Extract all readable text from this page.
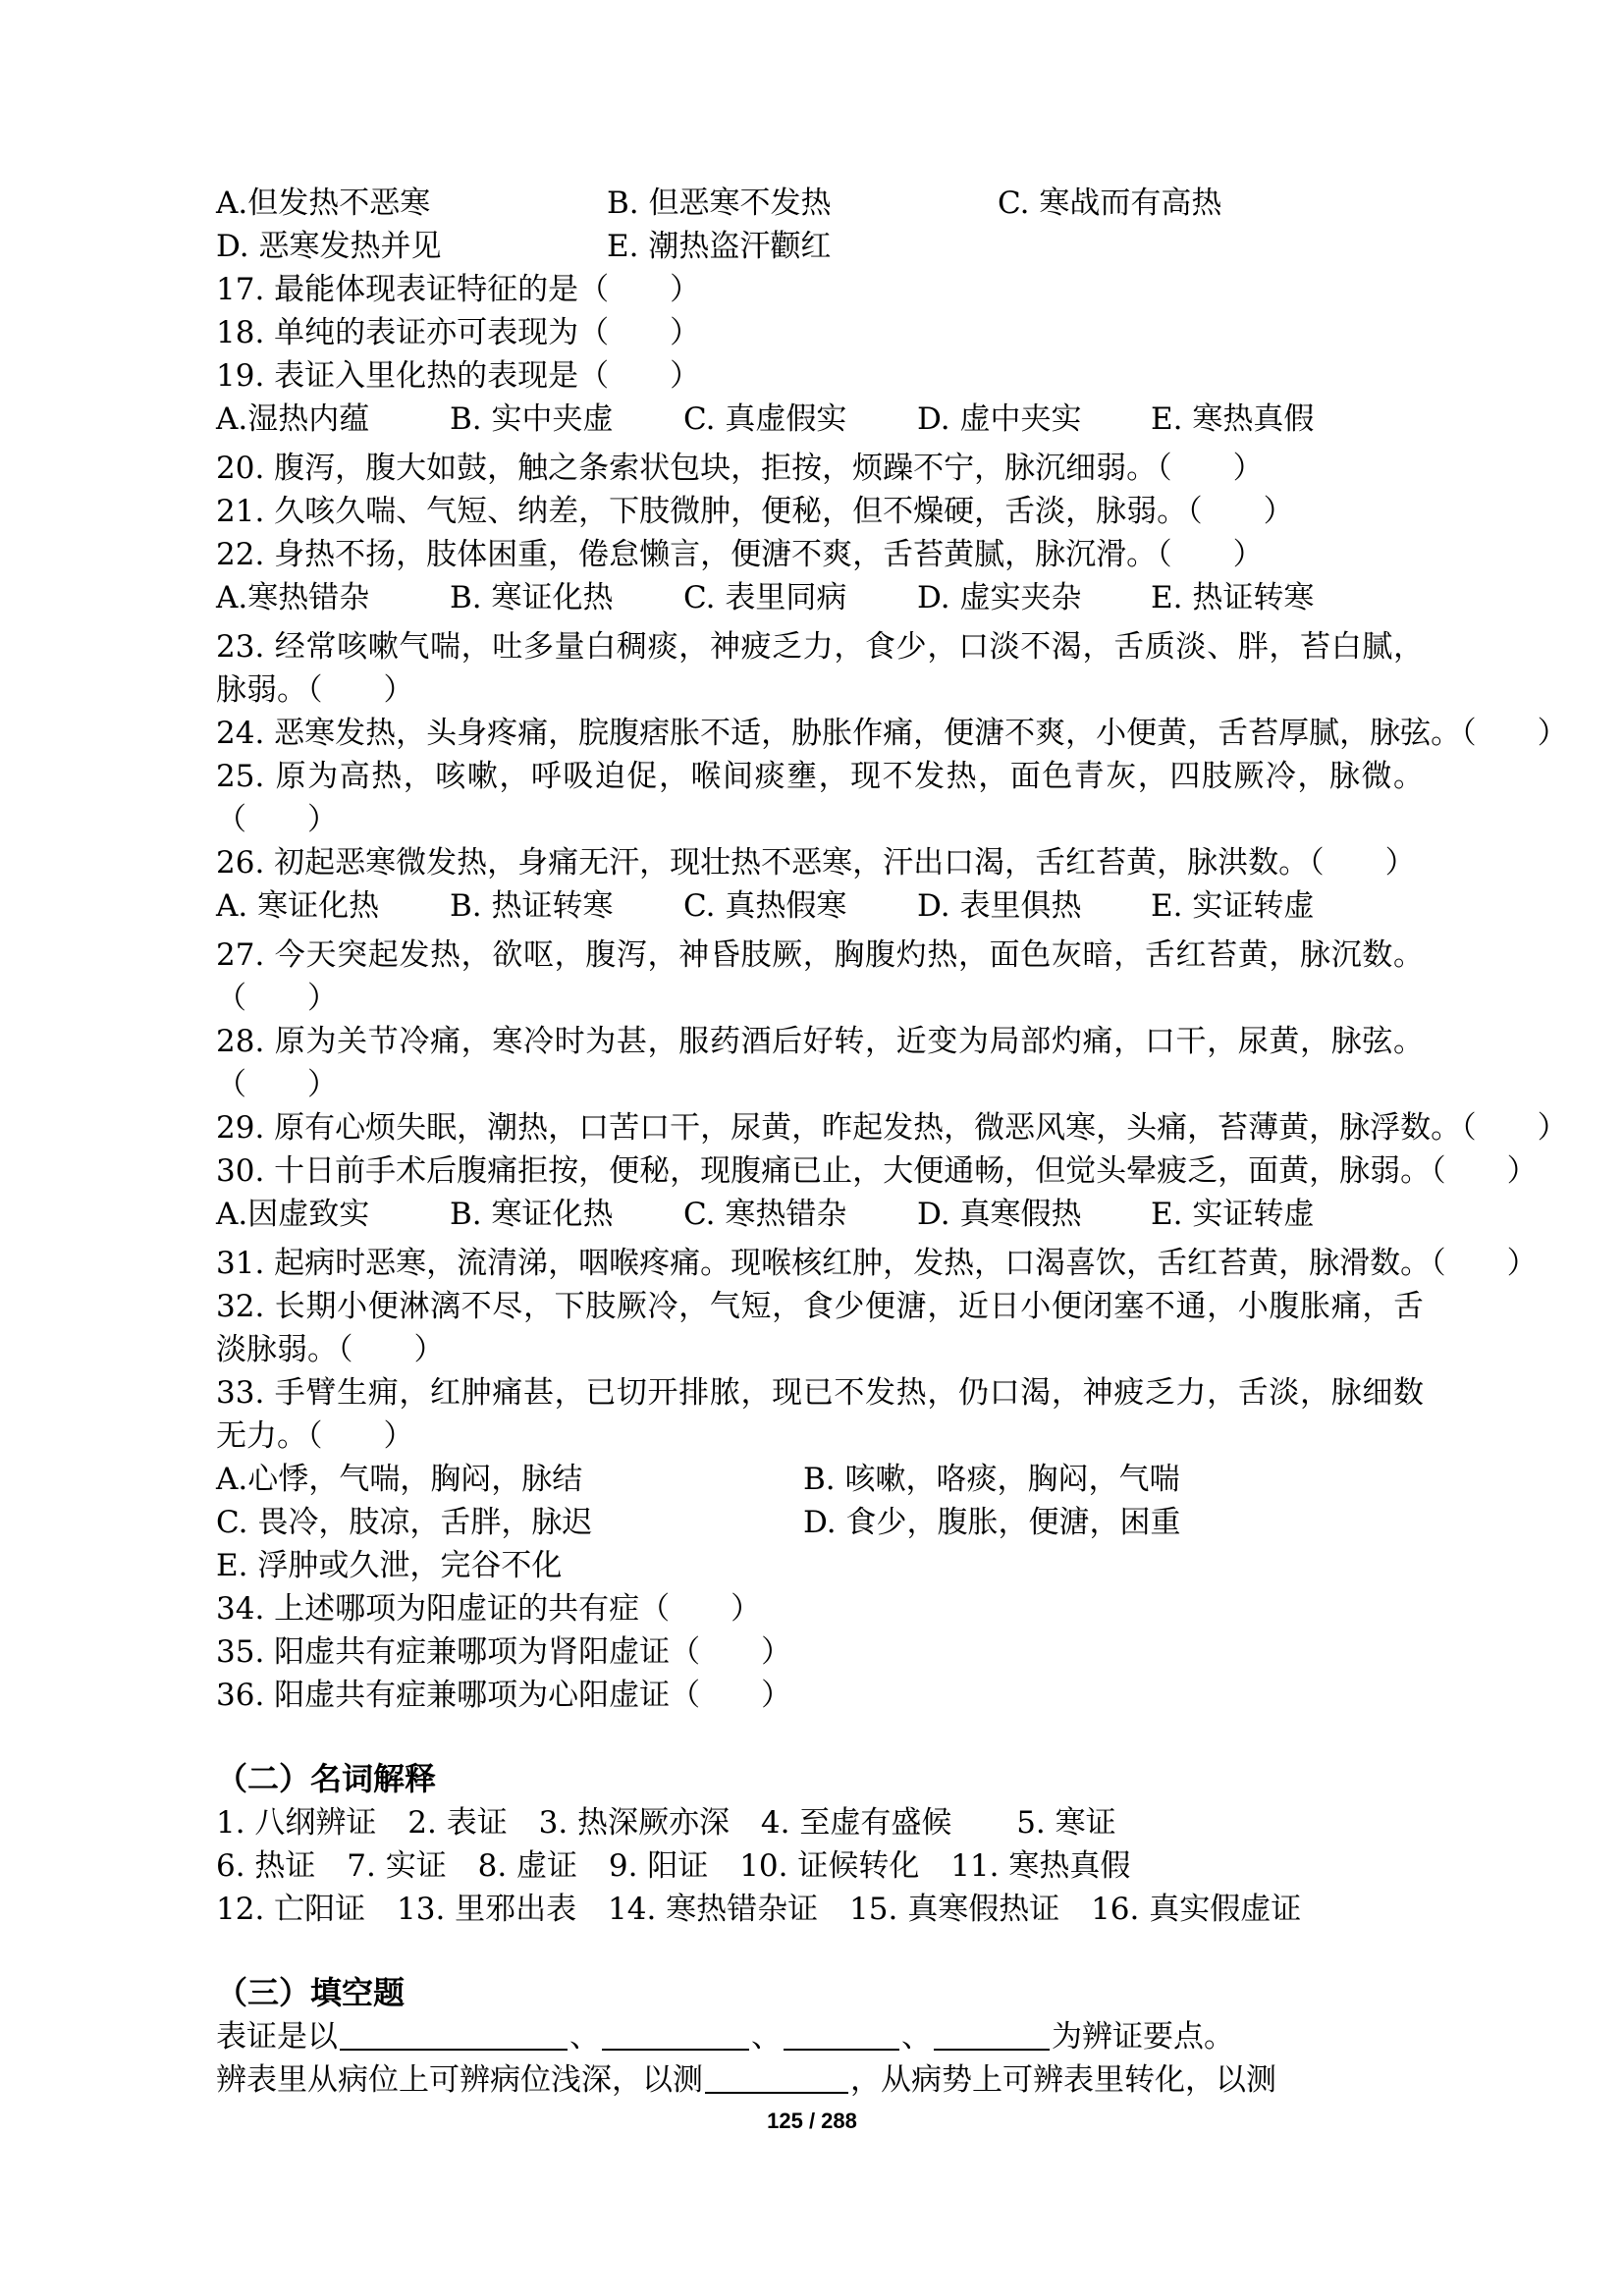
A.但发热不恶寒	B. 但恶寒不发热	C. 寒战而有高热
D. 恶寒发热并见	E. 潮热盗汗颧红
17. 最能体现表证特征的是（　　）
18. 单纯的表证亦可表现为（　　）
19. 表证入里化热的表现是（　　）
A.湿热内蕴	B. 实中夹虚	C. 真虚假实	D. 虚中夹实	E. 寒热真假
20. 腹泻，腹大如鼓，触之条索状包块，拒按，烦躁不宁，脉沉细弱。（　　）
21. 久咳久喘、气短、纳差，下肢微肿，便秘，但不燥硬，舌淡，脉弱。（　　）
22. 身热不扬，肢体困重，倦怠懒言，便溏不爽，舌苔黄腻，脉沉滑。（　　）
A.寒热错杂	B. 寒证化热	C. 表里同病	D. 虚实夹杂	E. 热证转寒
23. 经常咳嗽气喘，吐多量白稠痰，神疲乏力，食少，口淡不渴，舌质淡、胖，苔白腻，脉弱。（　　）
24. 恶寒发热，头身疼痛，脘腹痞胀不适，胁胀作痛，便溏不爽，小便黄，舌苔厚腻，脉弦。（　　）
25. 原为高热，咳嗽，呼吸迫促，喉间痰壅，现不发热，面色青灰，四肢厥冷，脉微。（　　）
26. 初起恶寒微发热，身痛无汗，现壮热不恶寒，汗出口渴，舌红苔黄，脉洪数。（　　）
A. 寒证化热	B. 热证转寒	C. 真热假寒	D. 表里俱热	E. 实证转虚
27. 今天突起发热，欲呕，腹泻，神昏肢厥，胸腹灼热，面色灰暗，舌红苔黄，脉沉数。（　　）
28. 原为关节冷痛，寒冷时为甚，服药酒后好转，近变为局部灼痛，口干，尿黄，脉弦。（　　）
29. 原有心烦失眠，潮热，口苦口干，尿黄，昨起发热，微恶风寒，头痛，苔薄黄，脉浮数。（　　）
30. 十日前手术后腹痛拒按，便秘，现腹痛已止，大便通畅，但觉头晕疲乏，面黄，脉弱。（　　）
A.因虚致实	B. 寒证化热	C. 寒热错杂	D. 真寒假热	E. 实证转虚
31. 起病时恶寒，流清涕，咽喉疼痛。现喉核红肿，发热，口渴喜饮，舌红苔黄，脉滑数。（　　）
32. 长期小便淋漓不尽，下肢厥冷，气短，食少便溏，近日小便闭塞不通，小腹胀痛，舌淡脉弱。（　　）
33. 手臂生痈，红肿痛甚，已切开排脓，现已不发热，仍口渴，神疲乏力，舌淡，脉细数无力。（　　）
A.心悸，气喘，胸闷，脉结	B. 咳嗽，咯痰，胸闷，气喘
C. 畏冷，肢凉，舌胖，脉迟	D. 食少，腹胀，便溏，困重
E. 浮肿或久泄，完谷不化
34. 上述哪项为阳虚证的共有症（　　）
35. 阳虚共有症兼哪项为肾阳虚证（　　）
36. 阳虚共有症兼哪项为心阳虚证（　　）
（二）名词解释
1. 八纲辨证 2. 表证 3. 热深厥亦深 4. 至虚有盛候 5. 寒证
6. 热证 7. 实证 8. 虚证 9. 阳证 10. 证候转化 11. 寒热真假
12. 亡阳证 13. 里邪出表 14. 寒热错杂证 15. 真寒假热证 16. 真实假虚证
（三）填空题
表证是以	、	、	、	为辨证要点。
辨表里从病位上可辨病位浅深，以测	，从病势上可辨表里转化，以测
125 / 288
